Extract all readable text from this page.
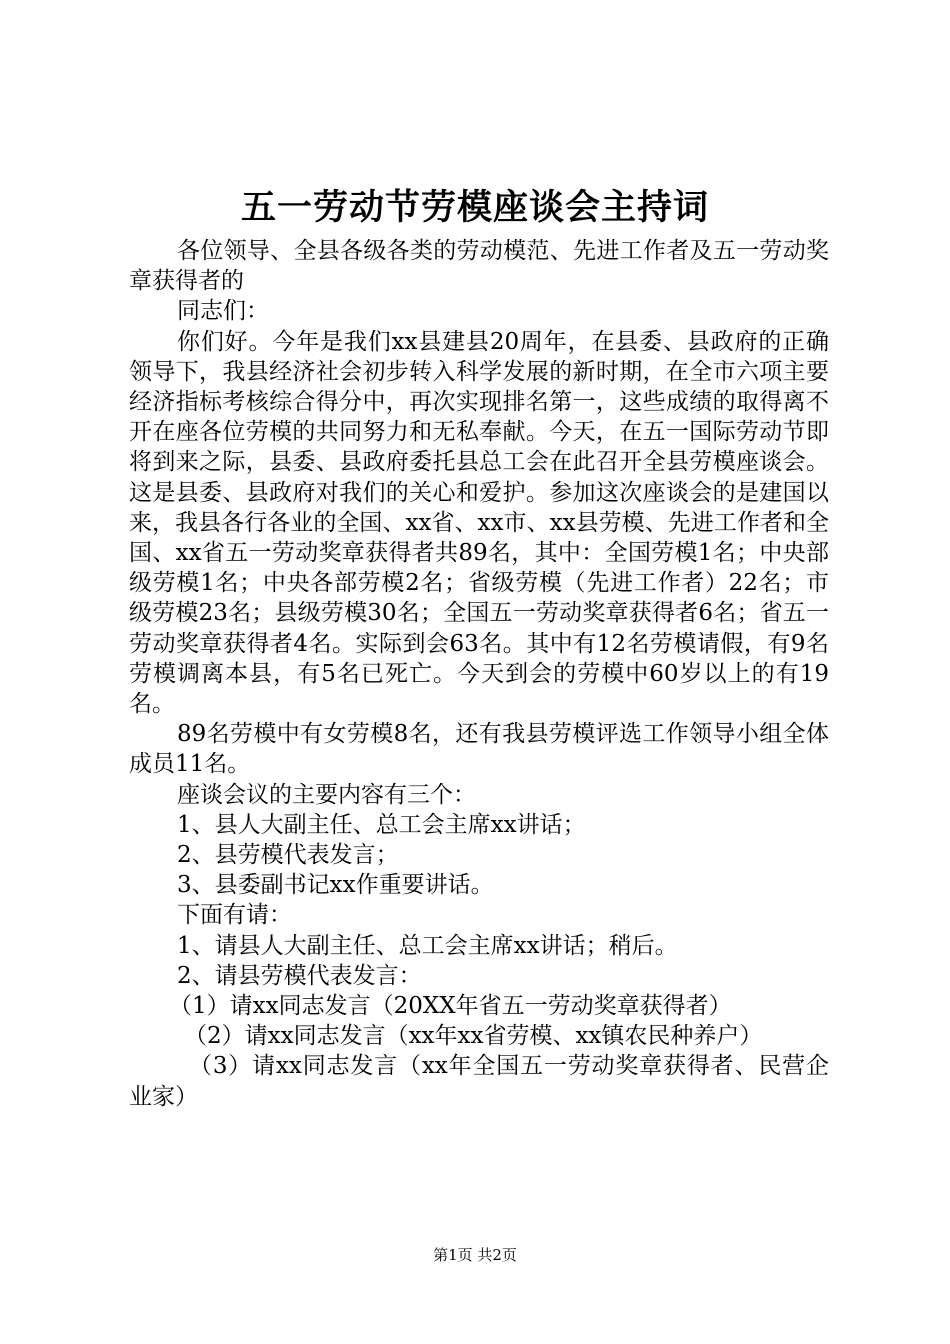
五一劳动节劳模座谈会主持词

各位领导、全县各级各类的劳动模范、先进工作者及五一劳动奖章获得者的

同志们：

你们好。今年是我们xx县建县20周年，在县委、县政府的正确领导下，我县经济社会初步转入科学发展的新时期，在全市六项主要经济指标考核综合得分中，再次实现排名第一，这些成绩的取得离不开在座各位劳模的共同努力和无私奉献。今天，在五一国际劳动节即将到来之际，县委、县政府委托县总工会在此召开全县劳模座谈会。这是县委、县政府对我们的关心和爱护。参加这次座谈会的是建国以来，我县各行各业的全国、xx省、xx市、xx县劳模、先进工作者和全国、xx省五一劳动奖章获得者共89名，其中：全国劳模1名；中央部级劳模1名；中央各部劳模2名；省级劳模（先进工作者）22名；市级劳模23名；县级劳模30名；全国五一劳动奖章获得者6名；省五一劳动奖章获得者4名。实际到会63名。其中有12名劳模请假，有9名劳模调离本县，有5名已死亡。今天到会的劳模中60岁以上的有19名。

89名劳模中有女劳模8名，还有我县劳模评选工作领导小组全体成员11名。

座谈会议的主要内容有三个：

1、县人大副主任、总工会主席xx讲话；

2、县劳模代表发言；

3、县委副书记xx作重要讲话。

下面有请：

1、请县人大副主任、总工会主席xx讲话；稍后。

2、请县劳模代表发言：

（1）请xx同志发言（20XX年省五一劳动奖章获得者）

（2）请xx同志发言（xx年xx省劳模、xx镇农民种养户）

（3）请xx同志发言（xx年全国五一劳动奖章获得者、民营企业家）

第1页 共2页
